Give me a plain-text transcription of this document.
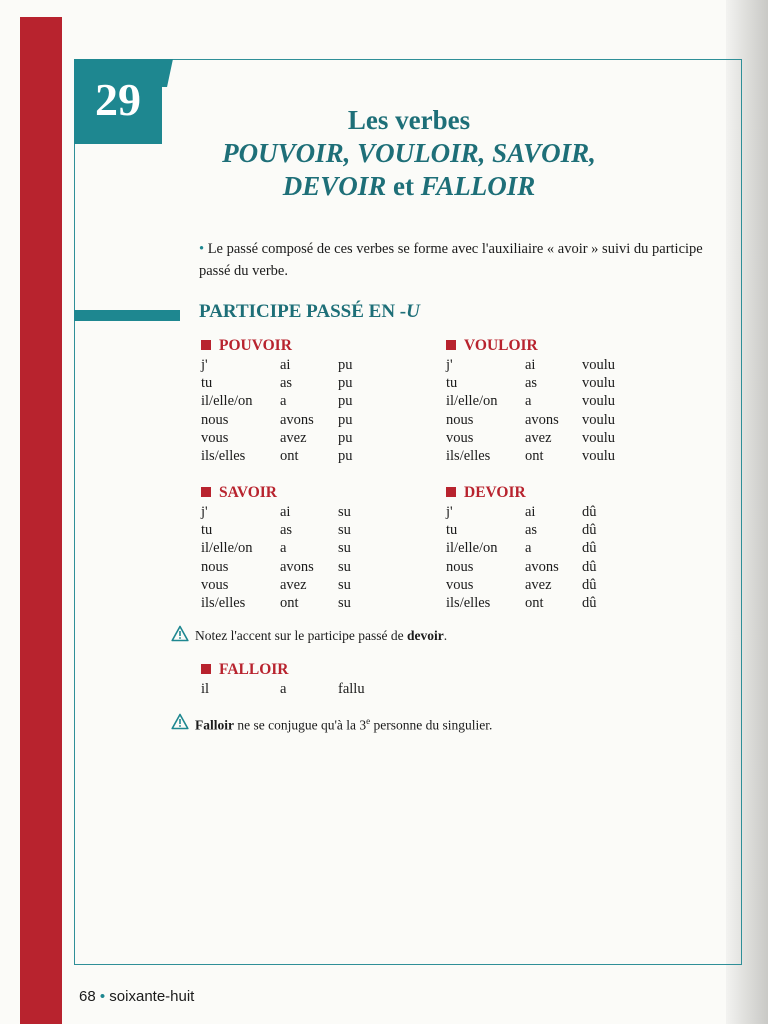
29	Les verbes
POUVOIR, VOULOIR, SAVOIR,
DEVOIR et FALLOIR
• Le passé composé de ces verbes se forme avec l'auxiliaire « avoir » suivi du participe passé du verbe.
PARTICIPE PASSÉ EN -U
POUVOIR
j'	ai	pu
tu	as	pu
il/elle/on	a	pu
nous	avons	pu
vous	avez	pu
ils/elles	ont	pu
VOULOIR
j'	ai	voulu
tu	as	voulu
il/elle/on	a	voulu
nous	avons	voulu
vous	avez	voulu
ils/elles	ont	voulu
SAVOIR
j'	ai	su
tu	as	su
il/elle/on	a	su
nous	avons	su
vous	avez	su
ils/elles	ont	su
DEVOIR
j'	ai	dû
tu	as	dû
il/elle/on	a	dû
nous	avons	dû
vous	avez	dû
ils/elles	ont	dû
Notez l'accent sur le participe passé de devoir.
FALLOIR
il	a	fallu
Falloir ne se conjugue qu'à la 3e personne du singulier.
68 • soixante-huit
